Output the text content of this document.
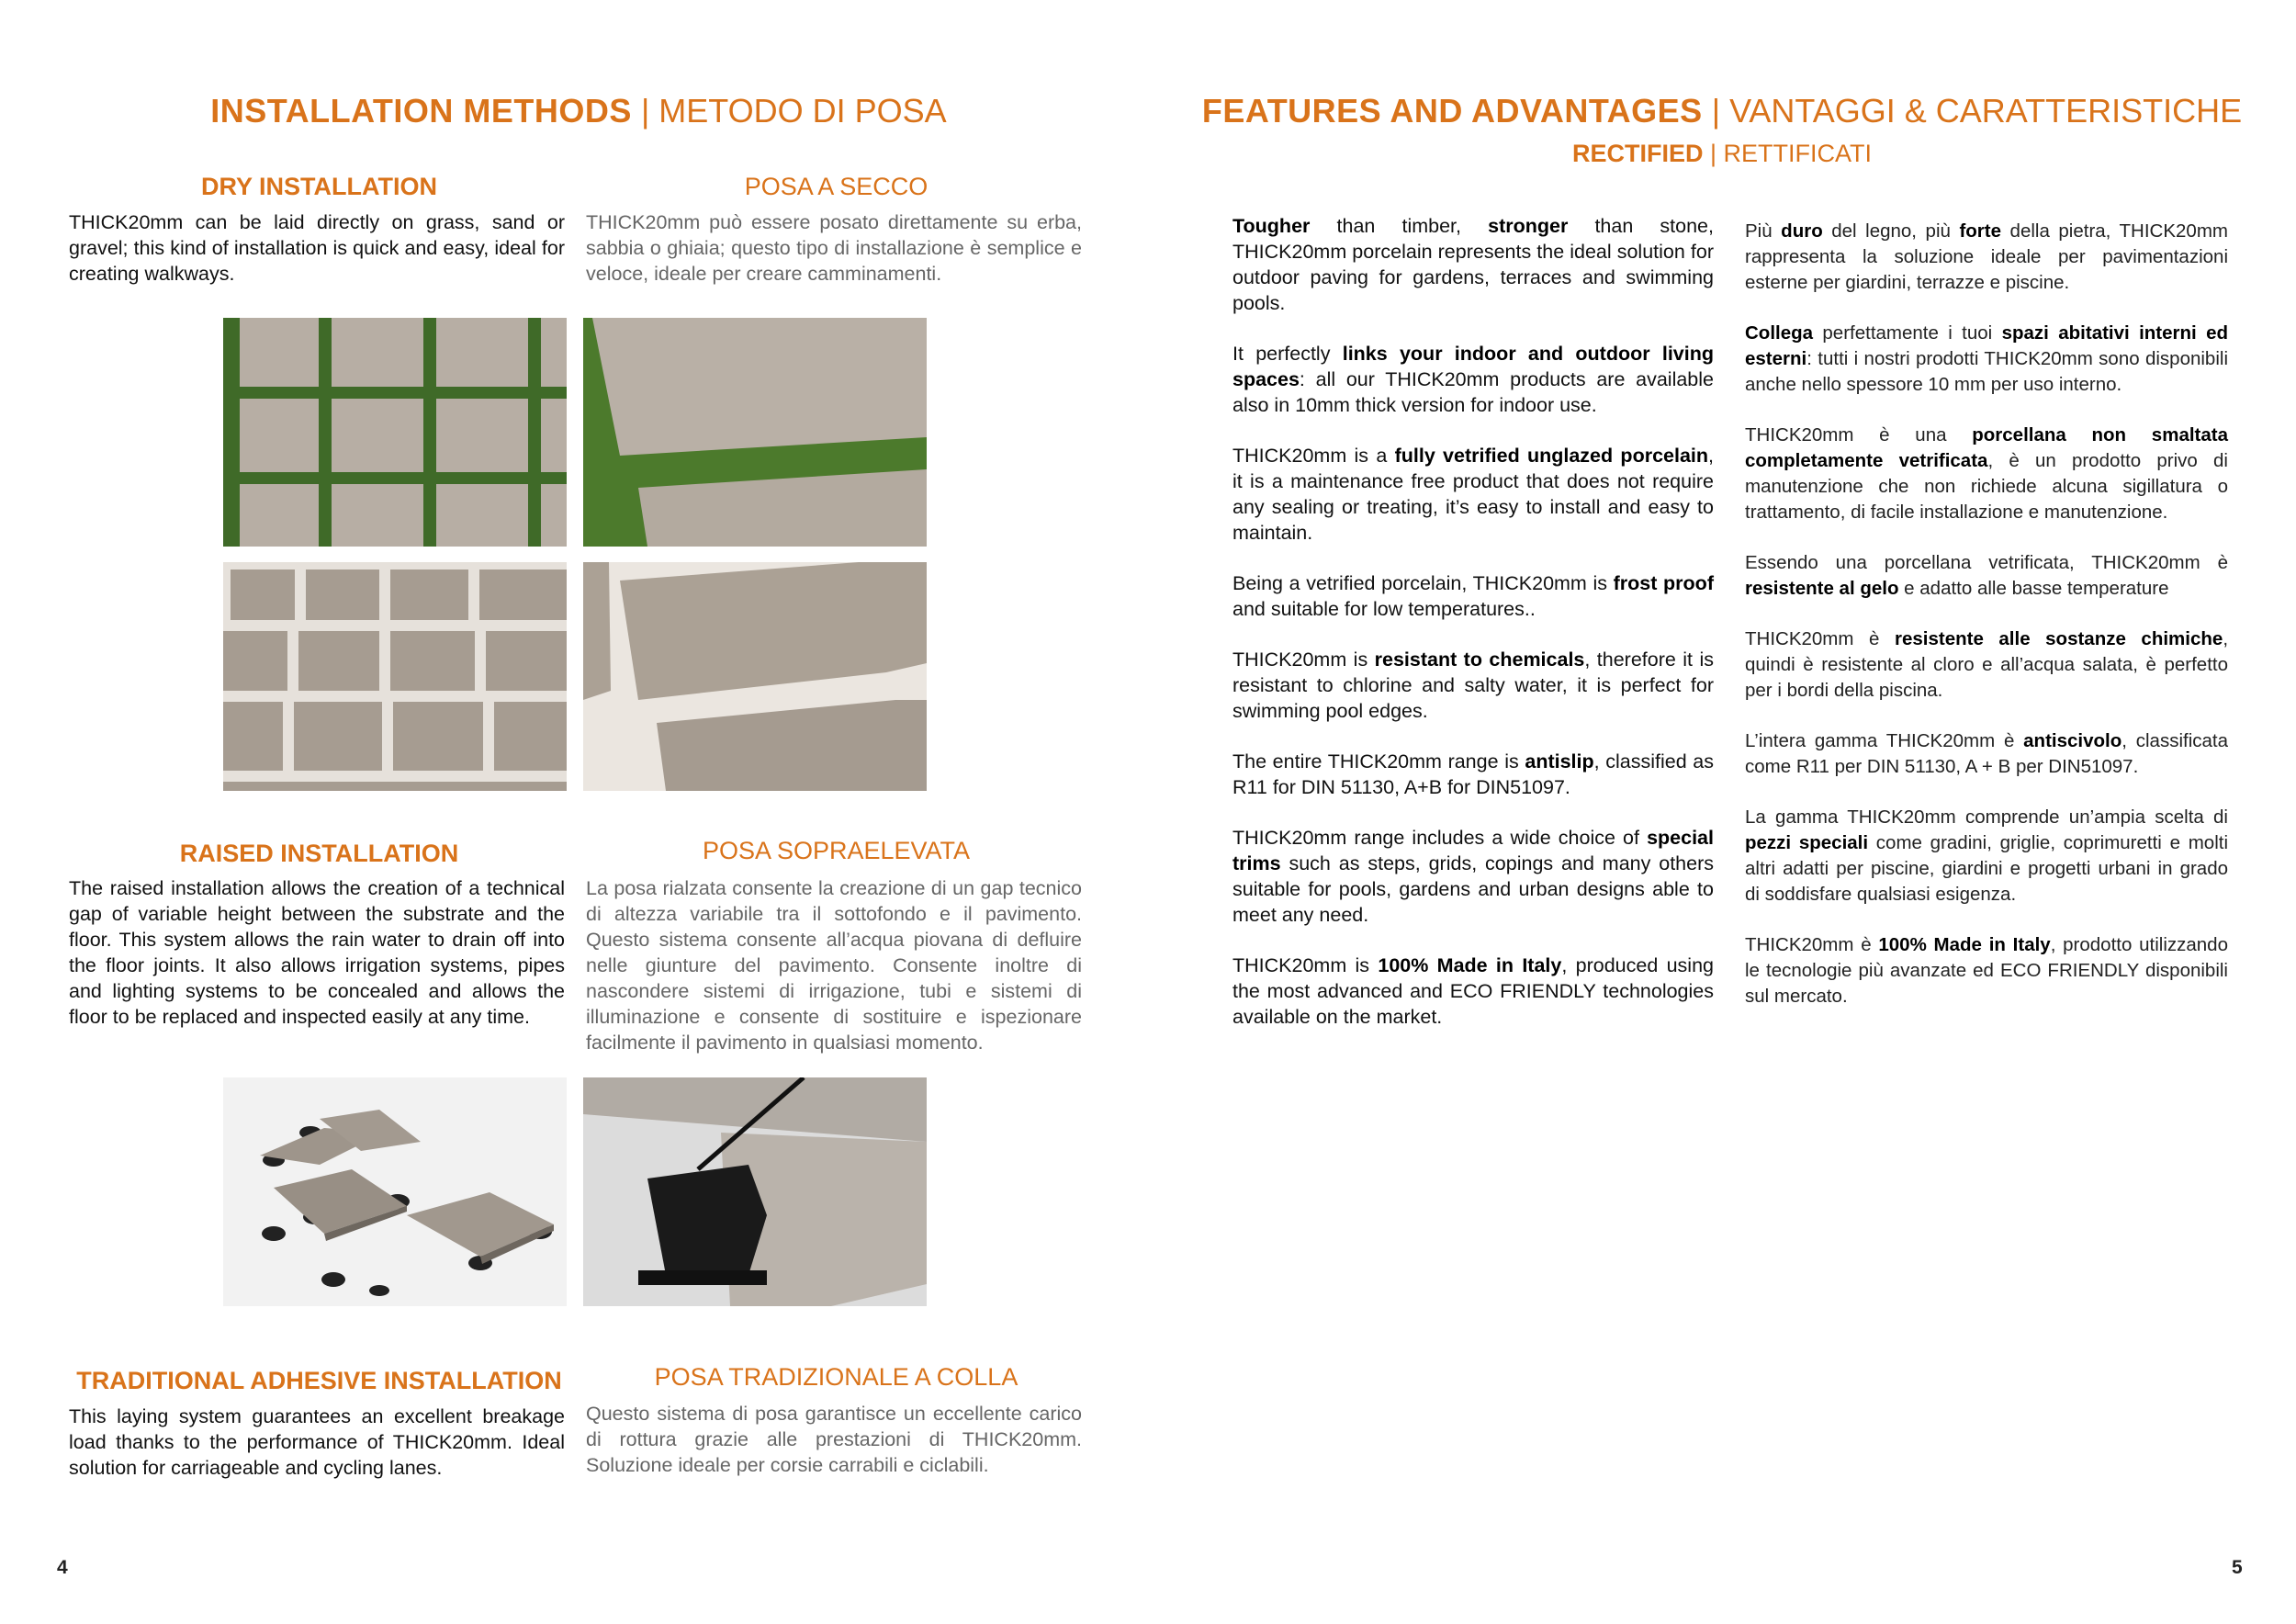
INSTALLATION METHODS | METODO DI POSA
DRY INSTALLATION	POSA A SECCO
THICK20mm can be laid directly on grass, sand or gravel; this kind of installation is quick and easy, ideal for creating walkways.
THICK20mm può essere posato direttamente su erba, sabbia o ghiaia; questo tipo di installazione è semplice e veloce, ideale per creare camminamenti.
RAISED INSTALLATION	POSA SOPRAELEVATA
The raised installation allows the creation of a technical gap of variable height between the substrate and the floor. This system allows the rain water to drain off into the floor joints. It also allows irrigation systems, pipes and lighting systems to be concealed and allows the floor to be replaced and inspected easily at any time.
La posa rialzata consente la creazione di un gap tecnico di altezza variabile tra il sottofondo e il pavimento. Questo sistema consente all’acqua piovana di defluire nelle giunture del pavimento. Consente inoltre di nascondere sistemi di irrigazione, tubi e sistemi di illuminazione e consente di sostituire e ispezionare facilmente il pavimento in qualsiasi momento.
TRADITIONAL ADHESIVE INSTALLATION	POSA TRADIZIONALE A COLLA
This laying system guarantees an excellent breakage load thanks to the performance of THICK20mm. Ideal solution for carriageable and cycling lanes.
Questo sistema di posa garantisce un eccellente carico di rottura grazie alle prestazioni di THICK20mm. Soluzione ideale per corsie carrabili e ciclabili.
4
FEATURES AND ADVANTAGES | VANTAGGI & CARATTERISTICHE
RECTIFIED | RETTIFICATI

Tougher than timber, stronger than stone, THICK20mm porcelain represents the ideal solution for outdoor paving for gardens, terraces and swimming pools.

It perfectly links your indoor and outdoor living spaces: all our THICK20mm products are available also in 10mm thick version for indoor use.

THICK20mm is a fully vetrified unglazed porcelain, it is a maintenance free product that does not require any sealing or treating, it’s easy to install and easy to maintain.

Being a vetrified porcelain, THICK20mm is frost proof and suitable for low temperatures..

THICK20mm is resistant to chemicals, therefore it is resistant to chlorine and salty water, it is perfect for swimming pool edges.

The entire THICK20mm range is antislip, classified as R11 for DIN 51130, A+B for DIN51097.

THICK20mm range includes a wide choice of special trims such as steps, grids, copings and many others suitable for pools, gardens and urban designs able to meet any need.

THICK20mm is 100% Made in Italy, produced using the most advanced and ECO FRIENDLY technologies available on the market.

Più duro del legno, più forte della pietra, THICK20mm rappresenta la soluzione ideale per pavimentazioni esterne per giardini, terrazze e piscine.

Collega perfettamente i tuoi spazi abitativi interni ed esterni: tutti i nostri prodotti THICK20mm sono disponibili anche nello spessore 10 mm per uso interno.

THICK20mm è una porcellana non smaltata completamente vetrificata, è un prodotto privo di manutenzione che non richiede alcuna sigillatura o trattamento, di facile installazione e manutenzione.

Essendo una porcellana vetrificata, THICK20mm è resistente al gelo e adatto alle basse temperature

THICK20mm è resistente alle sostanze chimiche, quindi è resistente al cloro e all’acqua salata, è perfetto per i bordi della piscina.

L’intera gamma THICK20mm è antiscivolo, classificata come R11 per DIN 51130, A + B per DIN51097.

La gamma THICK20mm comprende un’ampia scelta di pezzi speciali come gradini, griglie, coprimuretti e molti altri adatti per piscine, giardini e progetti urbani in grado di soddisfare qualsiasi esigenza.

THICK20mm è 100% Made in Italy, prodotto utilizzando le tecnologie più avanzate ed ECO FRIENDLY disponibili sul mercato.

5
